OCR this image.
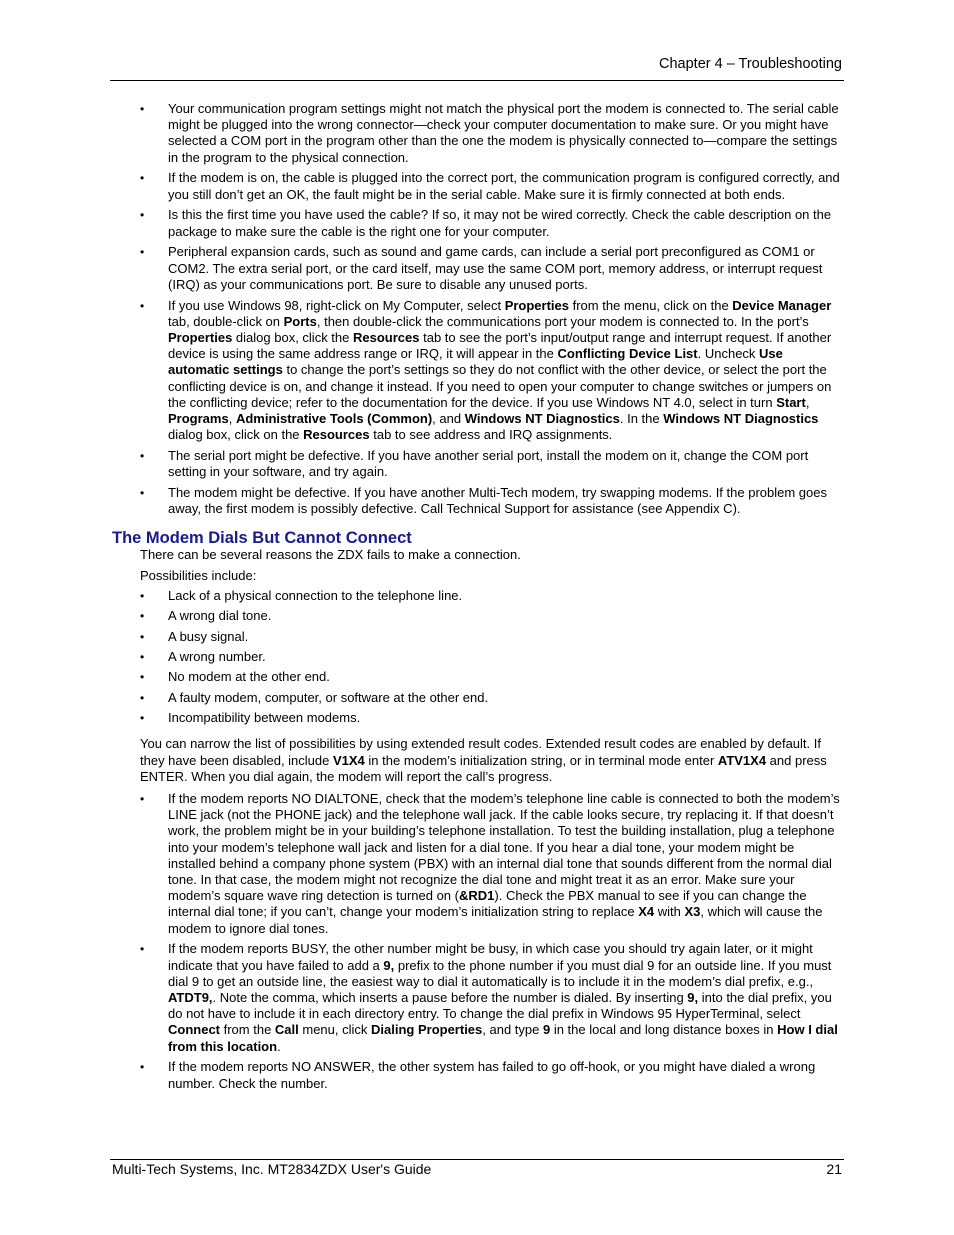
Chapter 4 – Troubleshooting
• Your communication program settings might not match the physical port the modem is connected to. The serial cable might be plugged into the wrong connector—check your computer documentation to make sure. Or you might have selected a COM port in the program other than the one the modem is physically connected to—compare the settings in the program to the physical connection.
• If the modem is on, the cable is plugged into the correct port, the communication program is configured correctly, and you still don’t get an OK, the fault might be in the serial cable. Make sure it is firmly connected at both ends.
• Is this the first time you have used the cable? If so, it may not be wired correctly. Check the cable description on the package to make sure the cable is the right one for your computer.
• Peripheral expansion cards, such as sound and game cards, can include a serial port preconfigured as COM1 or COM2. The extra serial port, or the card itself, may use the same COM port, memory address, or interrupt request (IRQ) as your communications port. Be sure to disable any unused ports.
• If you use Windows 98, right-click on My Computer, select Properties from the menu, click on the Device Manager tab, double-click on Ports, then double-click the communications port your modem is connected to. In the port’s Properties dialog box, click the Resources tab to see the port’s input/output range and interrupt request. If another device is using the same address range or IRQ, it will appear in the Conflicting Device List. Uncheck Use automatic settings to change the port’s settings so they do not conflict with the other device, or select the port the conflicting device is on, and change it instead. If you need to open your computer to change switches or jumpers on the conflicting device; refer to the documentation for the device. If you use Windows NT 4.0, select in turn Start, Programs, Administrative Tools (Common), and Windows NT Diagnostics. In the Windows NT Diagnostics dialog box, click on the Resources tab to see address and IRQ assignments.
• The serial port might be defective. If you have another serial port, install the modem on it, change the COM port setting in your software, and try again.
• The modem might be defective. If you have another Multi-Tech modem, try swapping modems. If the problem goes away, the first modem is possibly defective. Call Technical Support for assistance (see Appendix C).
The Modem Dials But Cannot Connect

There can be several reasons the ZDX fails to make a connection.

Possibilities include:

• Lack of a physical connection to the telephone line.
• A wrong dial tone.
• A busy signal.
• A wrong number.
• No modem at the other end.
• A faulty modem, computer, or software at the other end.
• Incompatibility between modems.

You can narrow the list of possibilities by using extended result codes. Extended result codes are enabled by default. If they have been disabled, include V1X4 in the modem’s initialization string, or in terminal mode enter ATV1X4 and press ENTER. When you dial again, the modem will report the call’s progress.

• If the modem reports NO DIALTONE, check that the modem’s telephone line cable is connected to both the modem’s LINE jack (not the PHONE jack) and the telephone wall jack. If the cable looks secure, try replacing it. If that doesn’t work, the problem might be in your building’s telephone installation. To test the building installation, plug a telephone into your modem’s telephone wall jack and listen for a dial tone. If you hear a dial tone, your modem might be installed behind a company phone system (PBX) with an internal dial tone that sounds different from the normal dial tone. In that case, the modem might not recognize the dial tone and might treat it as an error. Make sure your modem’s square wave ring detection is turned on (&RD1). Check the PBX manual to see if you can change the internal dial tone; if you can’t, change your modem’s initialization string to replace X4 with X3, which will cause the modem to ignore dial tones.
• If the modem reports BUSY, the other number might be busy, in which case you should try again later, or it might indicate that you have failed to add a 9, prefix to the phone number if you must dial 9 for an outside line. If you must dial 9 to get an outside line, the easiest way to dial it automatically is to include it in the modem’s dial prefix, e.g., ATDT9,. Note the comma, which inserts a pause before the number is dialed. By inserting 9, into the dial prefix, you do not have to include it in each directory entry. To change the dial prefix in Windows 95 HyperTerminal, select Connect from the Call menu, click Dialing Properties, and type 9 in the local and long distance boxes in How I dial from this location.
• If the modem reports NO ANSWER, the other system has failed to go off-hook, or you might have dialed a wrong number. Check the number.
Multi-Tech Systems, Inc. MT2834ZDX User's Guide	21
